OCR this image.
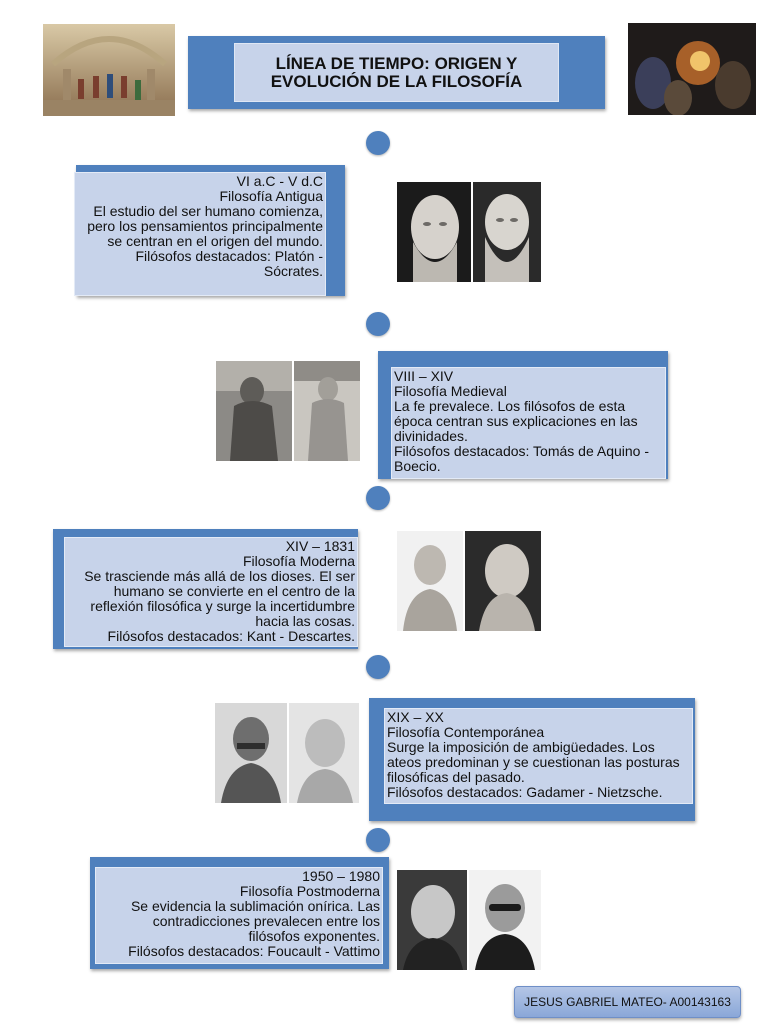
LÍNEA DE TIEMPO: ORIGEN Y
EVOLUCIÓN DE LA FILOSOFÍA
VI a.C - V d.C
Filosofía Antigua
El estudio del ser humano comienza, pero los pensamientos principalmente se centran en el origen del mundo.
Filósofos destacados: Platón - Sócrates.
VIII – XIV
Filosofía Medieval
La fe prevalece. Los filósofos de esta época centran sus explicaciones en las divinidades.
Filósofos destacados: Tomás de Aquino - Boecio.
XIV – 1831
Filosofía Moderna
Se trasciende más allá de los dioses. El ser humano se convierte en el centro de la reflexión filosófica y surge la incertidumbre hacia las cosas.
Filósofos destacados: Kant - Descartes.
XIX – XX
Filosofía Contemporánea
Surge la imposición de ambigüedades. Los ateos predominan y se cuestionan las posturas filosóficas del pasado.
Filósofos destacados: Gadamer - Nietzsche.
1950 – 1980
Filosofía Postmoderna
Se evidencia la sublimación onírica. Las contradicciones prevalecen entre los filósofos exponentes.
Filósofos destacados: Foucault - Vattimo
JESUS GABRIEL MATEO- A00143163
